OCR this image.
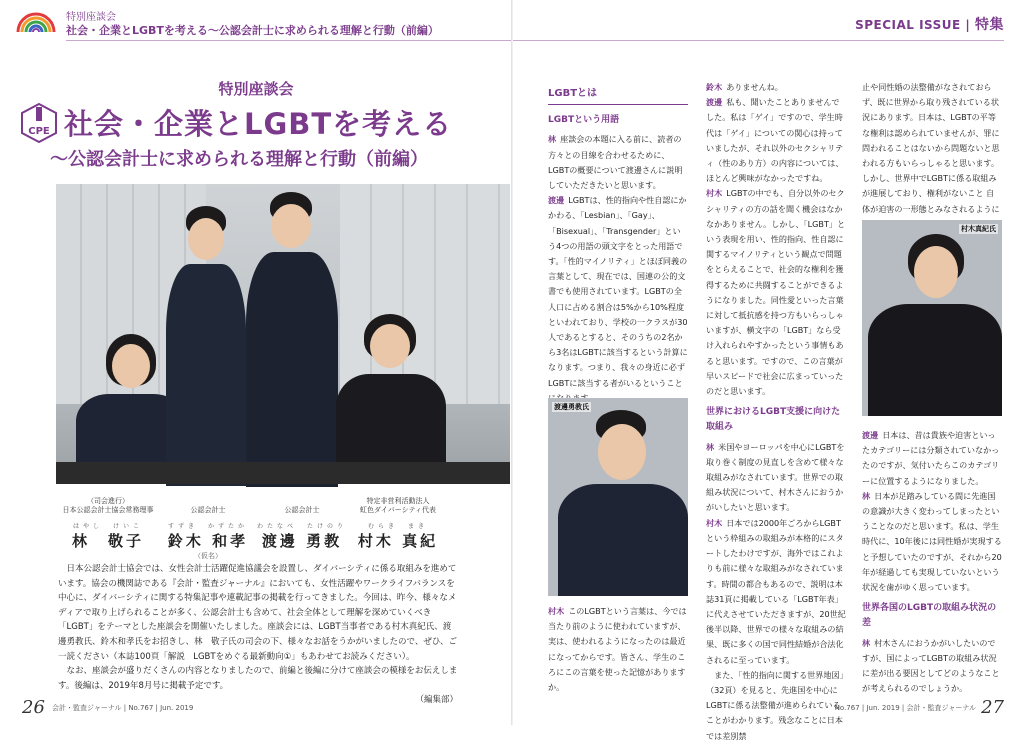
特別座談会
社会・企業とLGBTを考える〜公認会計士に求められる理解と行動（前編）	SPECIAL ISSUE | 特集
特別座談会
CPE 社会・企業とLGBTを考える
〜公認会計士に求められる理解と行動（前編）
（司会進行）
日本公認会計士協会常務理事
はやし　けいこ
林　敬子
公認会計士
すずき　かずたか
鈴木 和孝
（仮名）
公認会計士
わたなべ　たけのり
渡邊 勇教
特定非営利活動法人
虹色ダイバーシティ代表
むらき　まき
村木 真紀

日本公認会計士協会では、女性会計士活躍促進協議会を設置し、ダイバーシティに係る取組みを進めています。協会の機関誌である『会計・監査ジャーナル』においても、女性活躍やワークライフバランスを中心に、ダイバーシティに関する特集記事や連載記事の掲載を行ってきました。今回は、昨今、様々なメディアで取り上げられることが多く、公認会計士も含めて、社会全体として理解を深めていくべき「LGBT」をテーマとした座談会を開催いたしました。座談会には、LGBT当事者である村木真紀氏、渡邊勇教氏、鈴木和孝氏をお招きし、林　敬子氏の司会の下、様々なお話をうかがいましたので、ぜひ、ご一読ください（本誌100頁「解説　LGBTをめぐる最新動向①」もあわせてお読みください）。

なお、座談会が盛りだくさんの内容となりましたので、前編と後編に分けて座談会の模様をお伝えします。後編は、2019年8月号に掲載予定です。

（編集部）
26 会計・監査ジャーナル | No.767 | Jun. 2019	No.767 | Jun. 2019 | 会計・監査ジャーナル 27
LGBTとは
LGBTという用語

林 座談会の本題に入る前に、読者の方々との目線を合わせるために、LGBTの概要について渡邊さんに説明していただきたいと思います。

渡邊 LGBTは、性的指向や性自認にかかわる、「Lesbian」、「Gay」、「Bisexual」、「Transgender」という4つの用語の頭文字をとった用語です。「性的マイノリティ」とほぼ同義の言葉として、現在では、国連の公的文書でも使用されています。LGBTの全人口に占める割合は5%から10%程度といわれており、学校の一クラスが30人であるとすると、そのうちの2名から3名はLGBTに該当するという計算になります。つまり、我々の身近に必ずLGBTに該当する者がいるということ

渡邊勇教氏

村木 このLGBTという言葉は、今では当たり前のように使われていますが、実は、使われるようになったのは最近になってからです。皆さん、学生のころにこの言葉を使った記憶がありますか。

鈴木 ありませんね。

渡邊 私も、聞いたことありませんでした。私は「ゲイ」ですので、学生時代は「ゲイ」についての関心は持っていましたが、それ以外のセクシャリティ（性のあり方）の内容については、ほとんど興味がなかったですね。

村木 LGBTの中でも、自分以外のセクシャリティの方の話を聞く機会はなかなかありません。しかし、「LGBT」という表現を用い、性的指向、性自認に関するマイノリティという観点で問題をとらえることで、社会的な権利を獲得するために共闘することができるようになりました。同性愛といった言葉に対して抵抗感を持つ方もいらっしゃいますが、横文字の「LGBT」なら受け入れられやすかったという事情もあると思います。ですので、この言葉が早いスピードで社会に広まっていったのだと思います。

世界におけるLGBT支援に向けた取組み

林 米国やヨーロッパを中心にLGBTを取り巻く制度の見直しを含めて様々な取組みがなされています。世界での取組み状況について、村木さんにおうかがいしたいと思います。

村木 日本では2000年ごろからLGBTという枠組みの取組みが本格的にスタートしたわけですが、海外ではこれよりも前に様々な取組みがなされています。時間の都合もあるので、説明は本誌31頁に掲載している「LGBT年表」に代えさせていただきますが、20世紀後半以降、世界での様々な取組みの結果、既に多くの国で同性結婚が合法化されるに至っています。

また、「性的指向に関する世界地図」（32頁）を見ると、先進国を中心にLGBTに係る法整備が進められていることがわかります。残念なことに日本では差別禁

止や同性婚の法整備がなされておらず、既に世界から取り残されている状況にあります。日本は、LGBTの平等な権利は認められていませんが、罪に問われることはないから問題ないと思われる方もいらっしゃると思います。しかし、世界中でLGBTに係る取組みが進展しており、権利がないこと ⾃体が迫害の一形態とみなされるように

村木真紀氏

渡邊 日本は、昔は貴族や迫害といったカテゴリーには分類されていなかったのですが、気付いたらこのカテゴリーに位置するようになりました。

林 日本が足踏みしている間に先進国の意識が大きく変わってしまったということなのだと思います。私は、学生時代に、10年後には同性婚が実現すると予想していたのですが、それから20年が経過しても実現していないという状況を歯がゆく思っています。

世界各国のLGBTの取組み状況の差

林 村木さんにおうかがいしたいのですが、国によってLGBTの取組み状況に差が出る要因としてどのようなことが考えられるのでしょうか。
